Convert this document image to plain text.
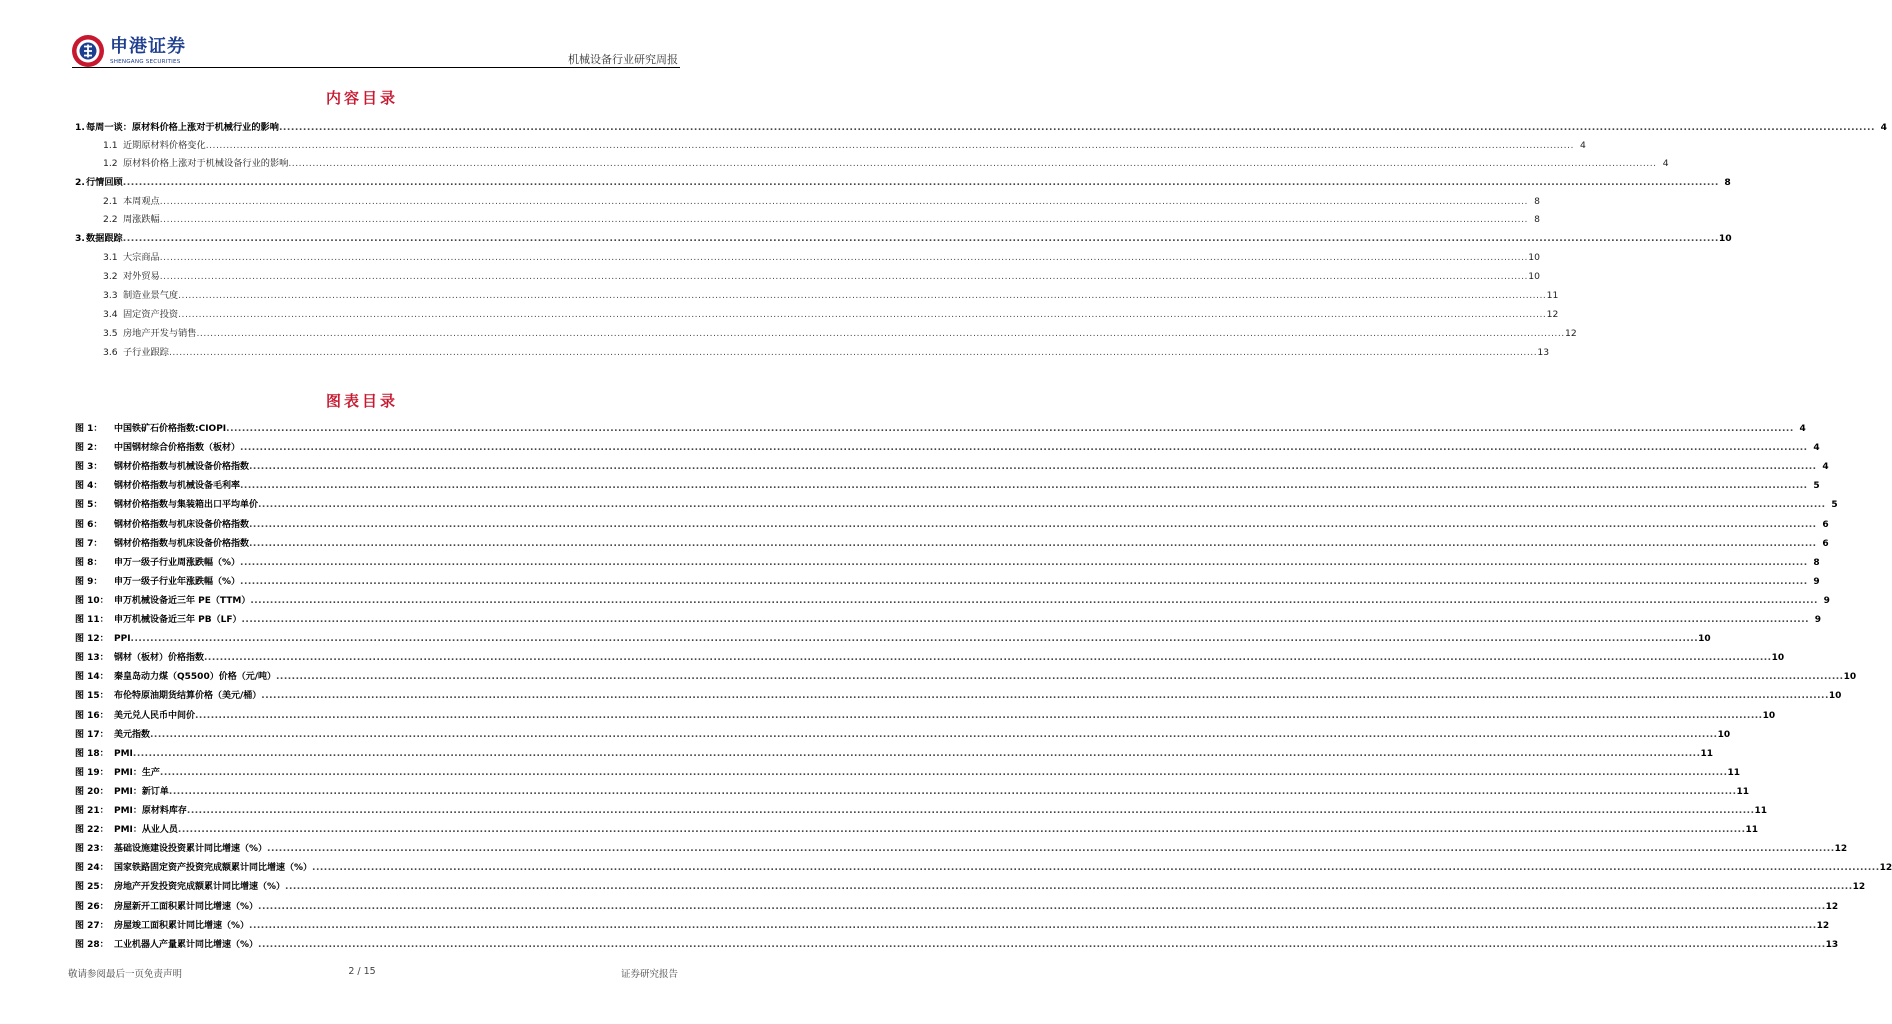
申港证券
SHENGANG SECURITIES	机械设备行业研究周报
内容目录
图表目录
1. 每周一谈：原材料价格上涨对于机械行业的影响 ................................................................................................................................................................................................................................................................................................................................................................................................................ 4
1.1 近期原材料价格变化 ................................................................................................................................................................................................................................................................................................................................................................................................................ 4
1.2 原材料价格上涨对于机械设备行业的影响 ................................................................................................................................................................................................................................................................................................................................................................................................................ 4
2. 行情回顾 ................................................................................................................................................................................................................................................................................................................................................................................................................ 8
2.1 本周观点 ................................................................................................................................................................................................................................................................................................................................................................................................................ 8
2.2 周涨跌幅 ................................................................................................................................................................................................................................................................................................................................................................................................................ 8
3. 数据跟踪 ................................................................................................................................................................................................................................................................................................................................................................................................................ 10
3.1 大宗商品 ................................................................................................................................................................................................................................................................................................................................................................................................................ 10
3.2 对外贸易 ................................................................................................................................................................................................................................................................................................................................................................................................................ 10
3.3 制造业景气度 ................................................................................................................................................................................................................................................................................................................................................................................................................ 11
3.4 固定资产投资 ................................................................................................................................................................................................................................................................................................................................................................................................................ 12
3.5 房地产开发与销售 ................................................................................................................................................................................................................................................................................................................................................................................................................ 12
3.6 子行业跟踪 ................................................................................................................................................................................................................................................................................................................................................................................................................ 13
图 1：	中国铁矿石价格指数:CIOPI ................................................................................................................................................................................................................................................................................................................................................................................................................ 4
图 2：	中国钢材综合价格指数（板材） ................................................................................................................................................................................................................................................................................................................................................................................................................ 4
图 3：	钢材价格指数与机械设备价格指数 ................................................................................................................................................................................................................................................................................................................................................................................................................ 4
图 4：	钢材价格指数与机械设备毛利率 ................................................................................................................................................................................................................................................................................................................................................................................................................ 5
图 5：	钢材价格指数与集装箱出口平均单价 ................................................................................................................................................................................................................................................................................................................................................................................................................ 5
图 6：	钢材价格指数与机床设备价格指数 ................................................................................................................................................................................................................................................................................................................................................................................................................ 6
图 7：	钢材价格指数与机床设备价格指数 ................................................................................................................................................................................................................................................................................................................................................................................................................ 6
图 8：	申万一级子行业周涨跌幅（%） ................................................................................................................................................................................................................................................................................................................................................................................................................ 8
图 9：	申万一级子行业年涨跌幅（%） ................................................................................................................................................................................................................................................................................................................................................................................................................ 9
图 10： 申万机械设备近三年 PE（TTM） ................................................................................................................................................................................................................................................................................................................................................................................................................ 9
图 11： 申万机械设备近三年 PB（LF） ................................................................................................................................................................................................................................................................................................................................................................................................................ 9
图 12： PPI ................................................................................................................................................................................................................................................................................................................................................................................................................ 10
图 13： 钢材（板材）价格指数 ................................................................................................................................................................................................................................................................................................................................................................................................................ 10
图 14： 秦皇岛动力煤（Q5500）价格（元/吨） ................................................................................................................................................................................................................................................................................................................................................................................................................ 10
图 15： 布伦特原油期货结算价格（美元/桶） ................................................................................................................................................................................................................................................................................................................................................................................................................ 10
图 16： 美元兑人民币中间价 ................................................................................................................................................................................................................................................................................................................................................................................................................ 10
图 17： 美元指数 ................................................................................................................................................................................................................................................................................................................................................................................................................ 10
图 18： PMI ................................................................................................................................................................................................................................................................................................................................................................................................................ 11
图 19： PMI：生产 ................................................................................................................................................................................................................................................................................................................................................................................................................ 11
图 20： PMI：新订单 ................................................................................................................................................................................................................................................................................................................................................................................................................ 11
图 21： PMI：原材料库存 ................................................................................................................................................................................................................................................................................................................................................................................................................ 11
图 22： PMI：从业人员 ................................................................................................................................................................................................................................................................................................................................................................................................................ 11
图 23： 基础设施建设投资累计同比增速（%） ................................................................................................................................................................................................................................................................................................................................................................................................................ 12
图 24： 国家铁路固定资产投资完成额累计同比增速（%） ................................................................................................................................................................................................................................................................................................................................................................................................................ 12
图 25： 房地产开发投资完成额累计同比增速（%） ................................................................................................................................................................................................................................................................................................................................................................................................................ 12
图 26： 房屋新开工面积累计同比增速（%） ................................................................................................................................................................................................................................................................................................................................................................................................................ 12
图 27： 房屋竣工面积累计同比增速（%） ................................................................................................................................................................................................................................................................................................................................................................................................................ 12
图 28： 工业机器人产量累计同比增速（%） ................................................................................................................................................................................................................................................................................................................................................................................................................ 13
敬请参阅最后一页免责声明	2 / 15	证券研究报告
